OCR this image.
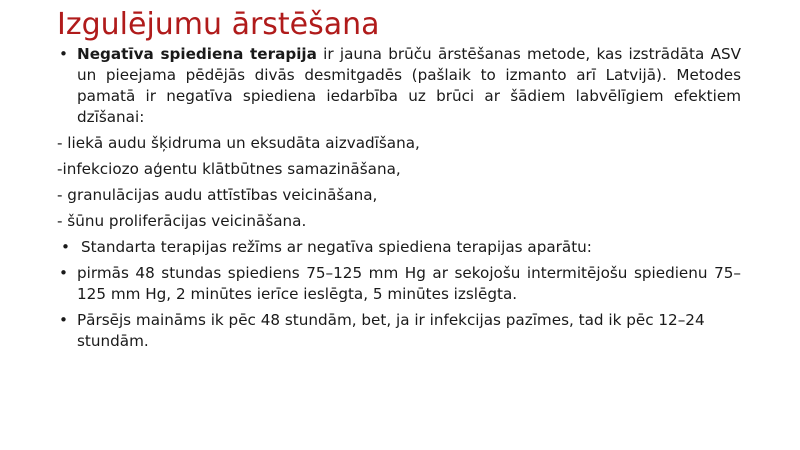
Izgulējumu ārstēšana
• Negatīva spiediena terapija ir jauna brūču ārstēšanas metode, kas izstrādāta ASV un pieejama pēdējās divās desmitgadēs (pašlaik to izmanto arī Latvijā). Metodes pamatā ir negatīva spiediena iedarbība uz brūci ar šādiem labvēlīgiem efektiem dzīšanai:
- liekā audu šķidruma un eksudāta aizvadīšana,
-infekciozo aģentu klātbūtnes samazināšana,
- granulācijas audu attīstības veicināšana,
- šūnu proliferācijas veicināšana.
• Standarta terapijas režīms ar negatīva spiediena terapijas aparātu:
• pirmās 48 stundas spiediens 75–125 mm Hg ar sekojošu intermitējošu spiedienu 75–125 mm Hg, 2 minūtes ierīce ieslēgta, 5 minūtes izslēgta.
• Pārsējs maināms ik pēc 48 stundām, bet, ja ir infekcijas pazīmes, tad ik pēc 12–24 stundām.
